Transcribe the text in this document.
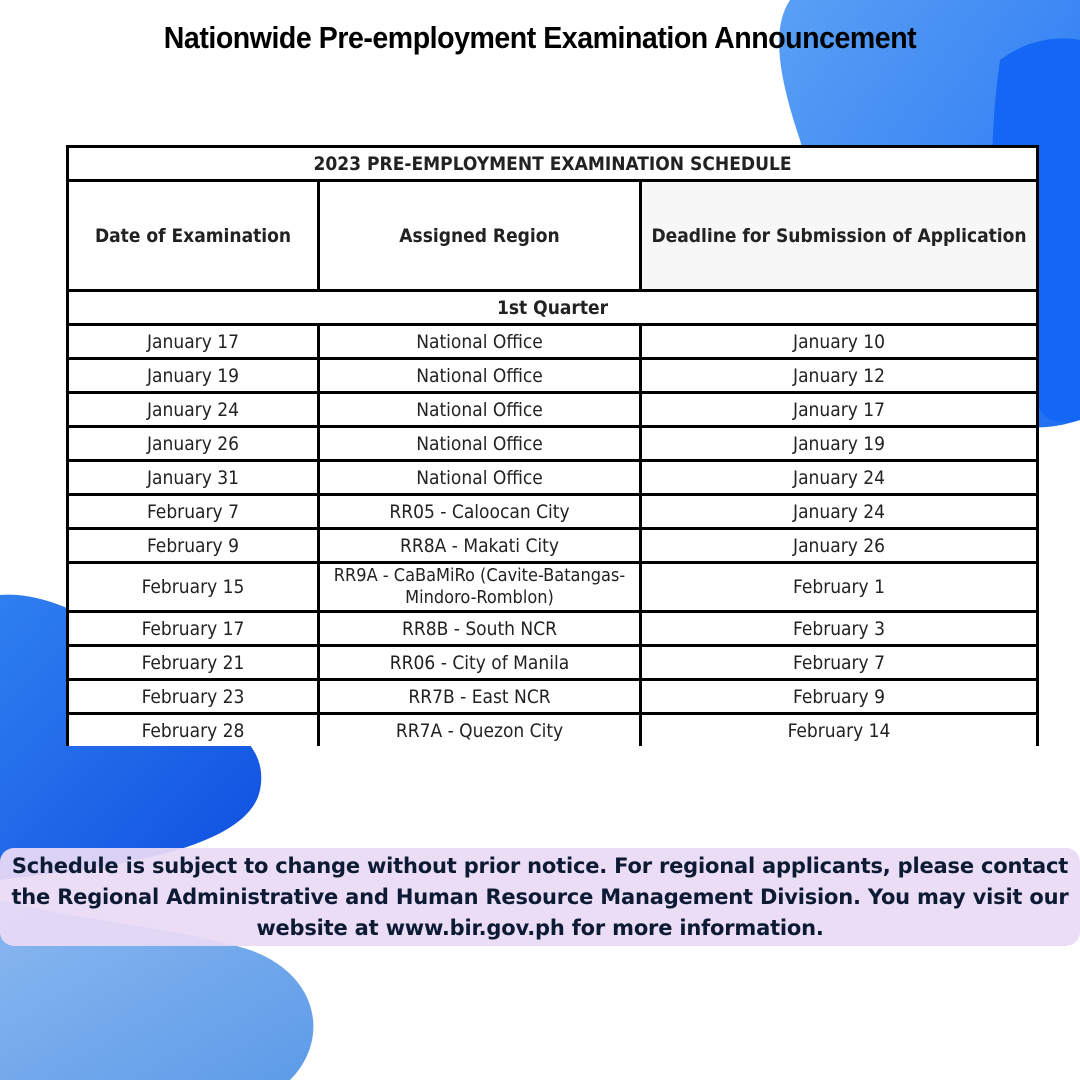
Nationwide Pre-employment Examination Announcement
2023 PRE-EMPLOYMENT EXAMINATION SCHEDULE		
Date of Examination	Assigned Region	Deadline for Submission of Application
1st Quarter		
January 17	National Office	January 10
January 19	National Office	January 12
January 24	National Office	January 17
January 26	National Office	January 19
January 31	National Office	January 24
February 7	RR05 - Caloocan City	January 24
February 9	RR8A - Makati City	January 26
February 15	RR9A - CaBaMiRo (Cavite-Batangas-Mindoro-Romblon)	February 1
February 17	RR8B - South NCR	February 3
February 21	RR06 - City of Manila	February 7
February 23	RR7B - East NCR	February 9
February 28	RR7A - Quezon City	February 14
Schedule is subject to change without prior notice. For regional applicants, please contact the Regional Administrative and Human Resource Management Division. You may visit our website at www.bir.gov.ph for more information.
